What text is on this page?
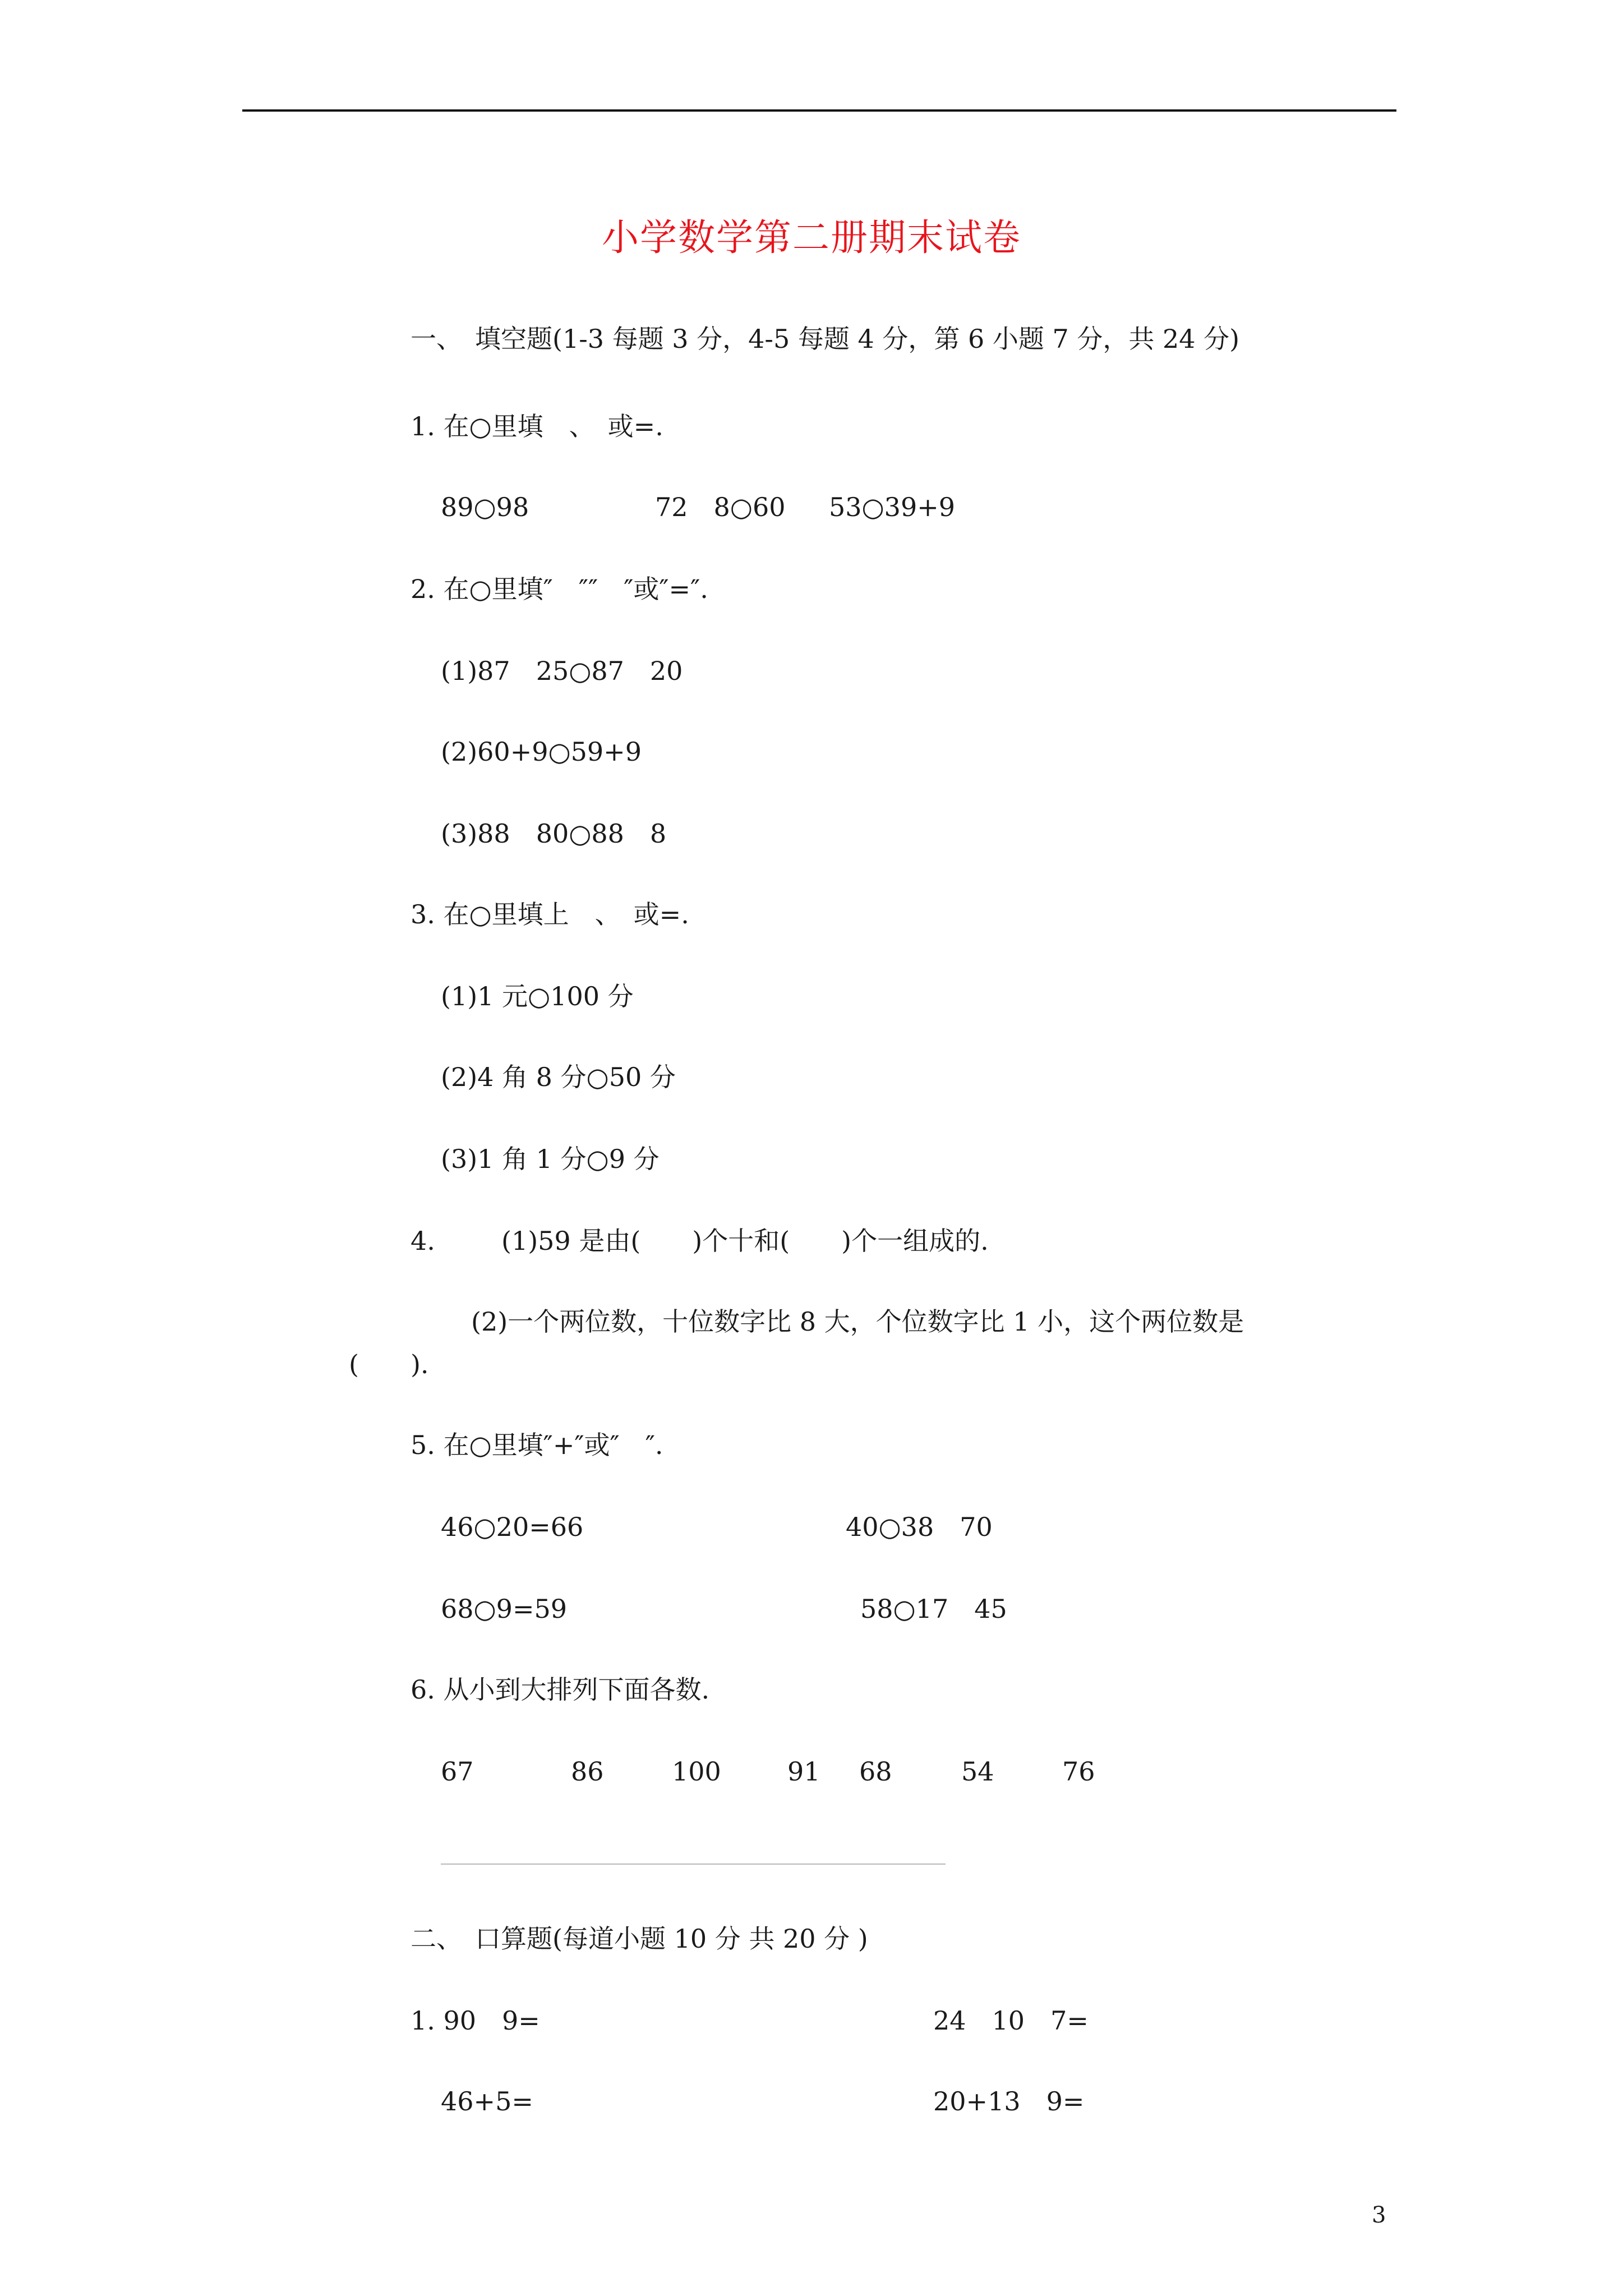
小学数学第二册期末试卷
一、　填空题(1-3 每题 3 分，4-5 每题 4 分，第 6 小题 7 分，共 24 分)
1. 在○里填　、　或=.
89○98	72　8○60 53○39+9
2. 在○里填″　″″　″或″=″.
(1)87　25○87　20
(2)60+9○59+9
(3)88　80○88　8
3. 在○里填上　、　或=.
(1)1 元○100 分
(2)4 角 8 分○50 分
(3)1 角 1 分○9 分
4.	(1)59 是由(　　)个十和(　　)个一组成的.
(2)一个两位数，十位数字比 8 大，个位数字比 1 小，这个两位数是
(　　).
5. 在○里填″+″或″　″.
46○20=66	40○38　70
68○9=59	58○17　45
6. 从小到大排列下面各数.
67	86	100	91 68	54	76
二、　口算题(每道小题 10 分 共 20 分 )
1. 90　9=	24　10　7=
46+5=	20+13　9=
3
